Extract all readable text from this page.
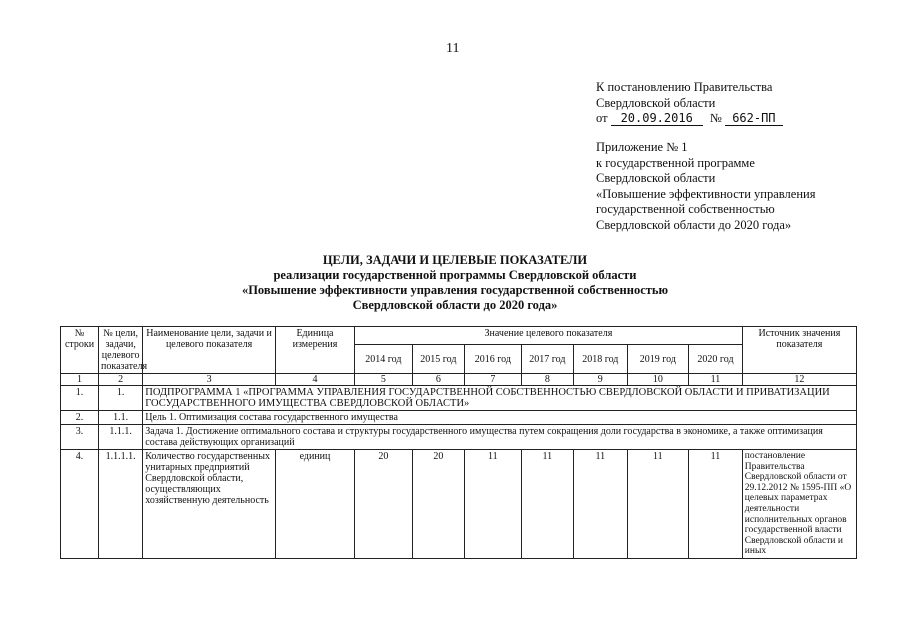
11
К постановлению Правительства
Свердловской области
от 20.09.2016 № 662-ПП
Приложение № 1
к государственной программе
Свердловской области
«Повышение эффективности управления
государственной собственностью
Свердловской области до 2020 года»
ЦЕЛИ, ЗАДАЧИ И ЦЕЛЕВЫЕ ПОКАЗАТЕЛИ
реализации государственной программы Свердловской области
«Повышение эффективности управления государственной собственностью
Свердловской области до 2020 года»
№ строки	№ цели, задачи, целевого показателя	Наименование цели, задачи и целевого показателя	Единица измерения	Значение целевого показателя							Источник значения показателя
				2014 год	2015 год	2016 год	2017 год	2018 год	2019 год	2020 год	
1	2	3	4	5	6	7	8	9	10	11	12
1.	1.	ПОДПРОГРАММА 1 «ПРОГРАММА УПРАВЛЕНИЯ ГОСУДАРСТВЕННОЙ СОБСТВЕННОСТЬЮ СВЕРДЛОВСКОЙ ОБЛАСТИ И ПРИВАТИЗАЦИИ ГОСУДАРСТВЕННОГО ИМУЩЕСТВА СВЕРДЛОВСКОЙ ОБЛАСТИ»									
2.	1.1.	Цель 1. Оптимизация состава государственного имущества									
3.	1.1.1.	Задача 1. Достижение оптимального состава и структуры государственного имущества путем сокращения доли государства в экономике, а также оптимизация состава действующих организаций									
4.	1.1.1.1.	Количество государственных унитарных предприятий Свердловской области, осуществляющих хозяйственную деятельность	единиц	20	20	11	11	11	11	11	постановление Правительства Свердловской области от 29.12.2012 № 1595-ПП «О целевых параметрах деятельности исполнительных органов государственной власти Свердловской области и иных
